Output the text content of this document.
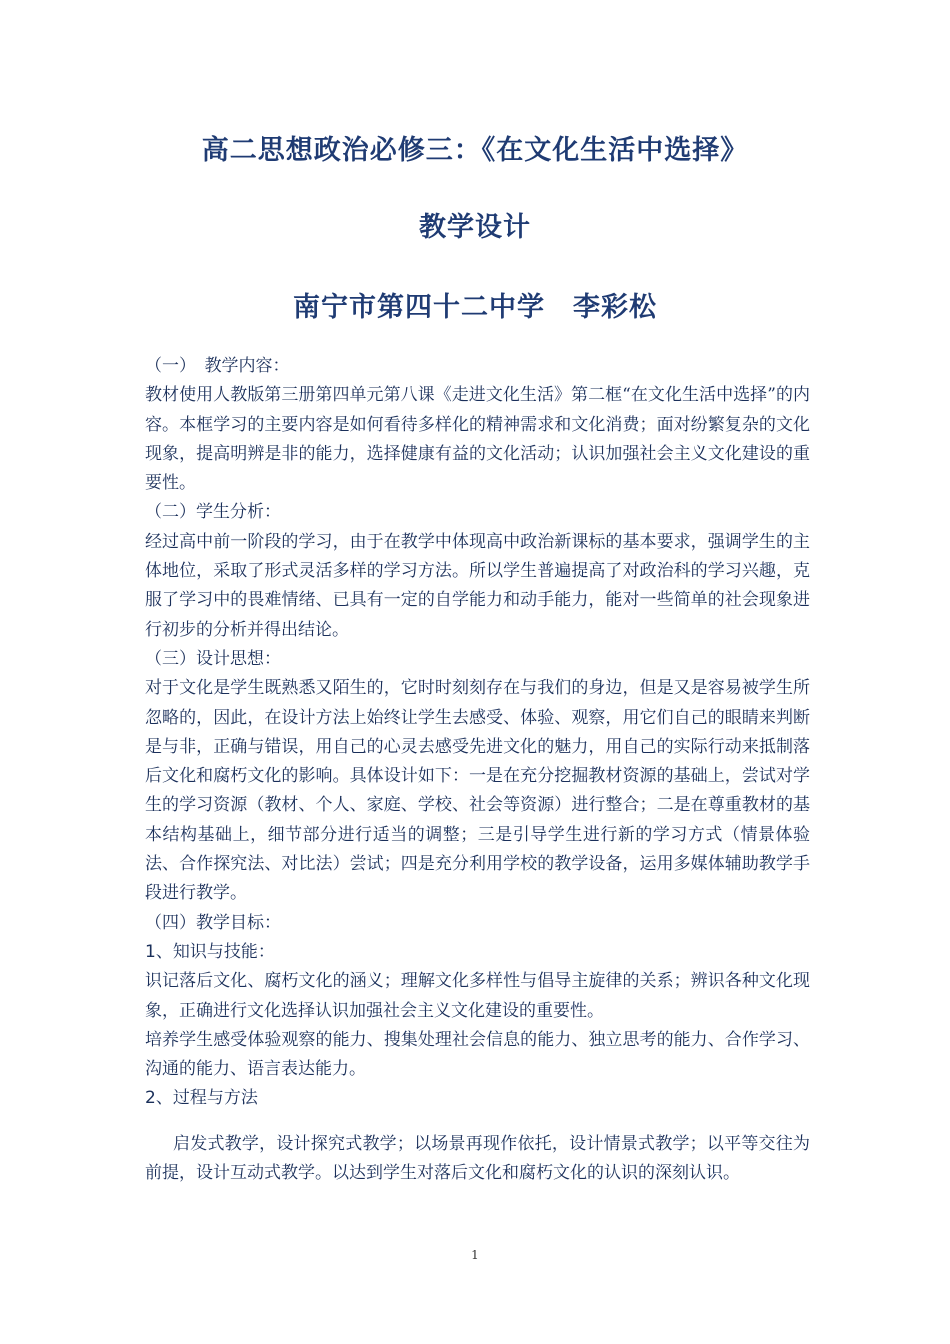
高二思想政治必修三：《在文化生活中选择》
教学设计
南宁市第四十二中学　李彩松

（一）　教学内容：

教材使用人教版第三册第四单元第八课《走进文化生活》第二框“在文化生活中选择”的内容。本框学习的主要内容是如何看待多样化的精神需求和文化消费；面对纷繁复杂的文化现象，提高明辨是非的能力，选择健康有益的文化活动；认识加强社会主义文化建设的重要性。

（二）学生分析：

经过高中前一阶段的学习，由于在教学中体现高中政治新课标的基本要求，强调学生的主体地位，采取了形式灵活多样的学习方法。所以学生普遍提高了对政治科的学习兴趣，克服了学习中的畏难情绪、已具有一定的自学能力和动手能力，能对一些简单的社会现象进行初步的分析并得出结论。

（三）设计思想：

对于文化是学生既熟悉又陌生的，它时时刻刻存在与我们的身边，但是又是容易被学生所忽略的，因此，在设计方法上始终让学生去感受、体验、观察，用它们自己的眼睛来判断是与非，正确与错误，用自己的心灵去感受先进文化的魅力，用自己的实际行动来抵制落后文化和腐朽文化的影响。具体设计如下：一是在充分挖掘教材资源的基础上，尝试对学生的学习资源（教材、个人、家庭、学校、社会等资源）进行整合；二是在尊重教材的基本结构基础上，细节部分进行适当的调整；三是引导学生进行新的学习方式（情景体验法、合作探究法、对比法）尝试；四是充分利用学校的教学设备，运用多媒体辅助教学手段进行教学。

（四）教学目标：

1、知识与技能：

识记落后文化、腐朽文化的涵义；理解文化多样性与倡导主旋律的关系；辨识各种文化现象，正确进行文化选择认识加强社会主义文化建设的重要性。

培养学生感受体验观察的能力、搜集处理社会信息的能力、独立思考的能力、合作学习、沟通的能力、语言表达能力。

2、过程与方法

启发式教学，设计探究式教学；以场景再现作依托，设计情景式教学；以平等交往为前提，设计互动式教学。以达到学生对落后文化和腐朽文化的认识的深刻认识。

1
